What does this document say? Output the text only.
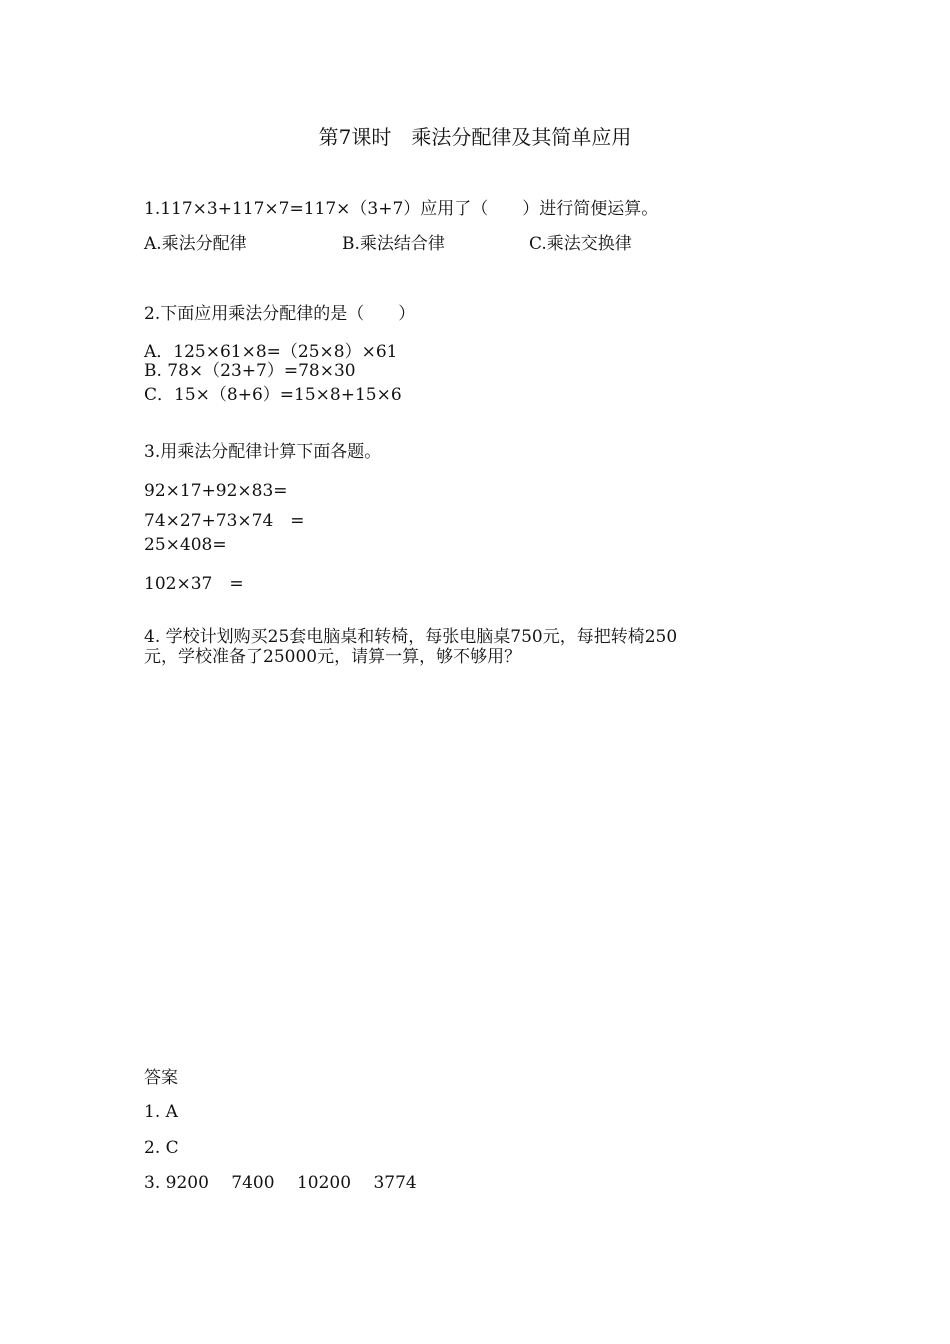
第7课时　乘法分配律及其简单应用
1.117×3+117×7=117×（3+7）应用了（　　）进行简便运算。
A.乘法分配律	B.乘法结合律	C.乘法交换律
2.下面应用乘法分配律的是（　　）
A．125×61×8=（25×8）×61
B. 78×（23+7）=78×30
C．15×（8+6）=15×8+15×6
3.用乘法分配律计算下面各题。
92×17+92×83=
74×27+73×74　=
25×408=
102×37　=
4. 学校计划购买25套电脑桌和转椅，每张电脑桌750元，每把转椅250
元，学校准备了25000元，请算一算，够不够用？
答案
1. A
2. C
3. 9200　 7400　 10200　 3774
